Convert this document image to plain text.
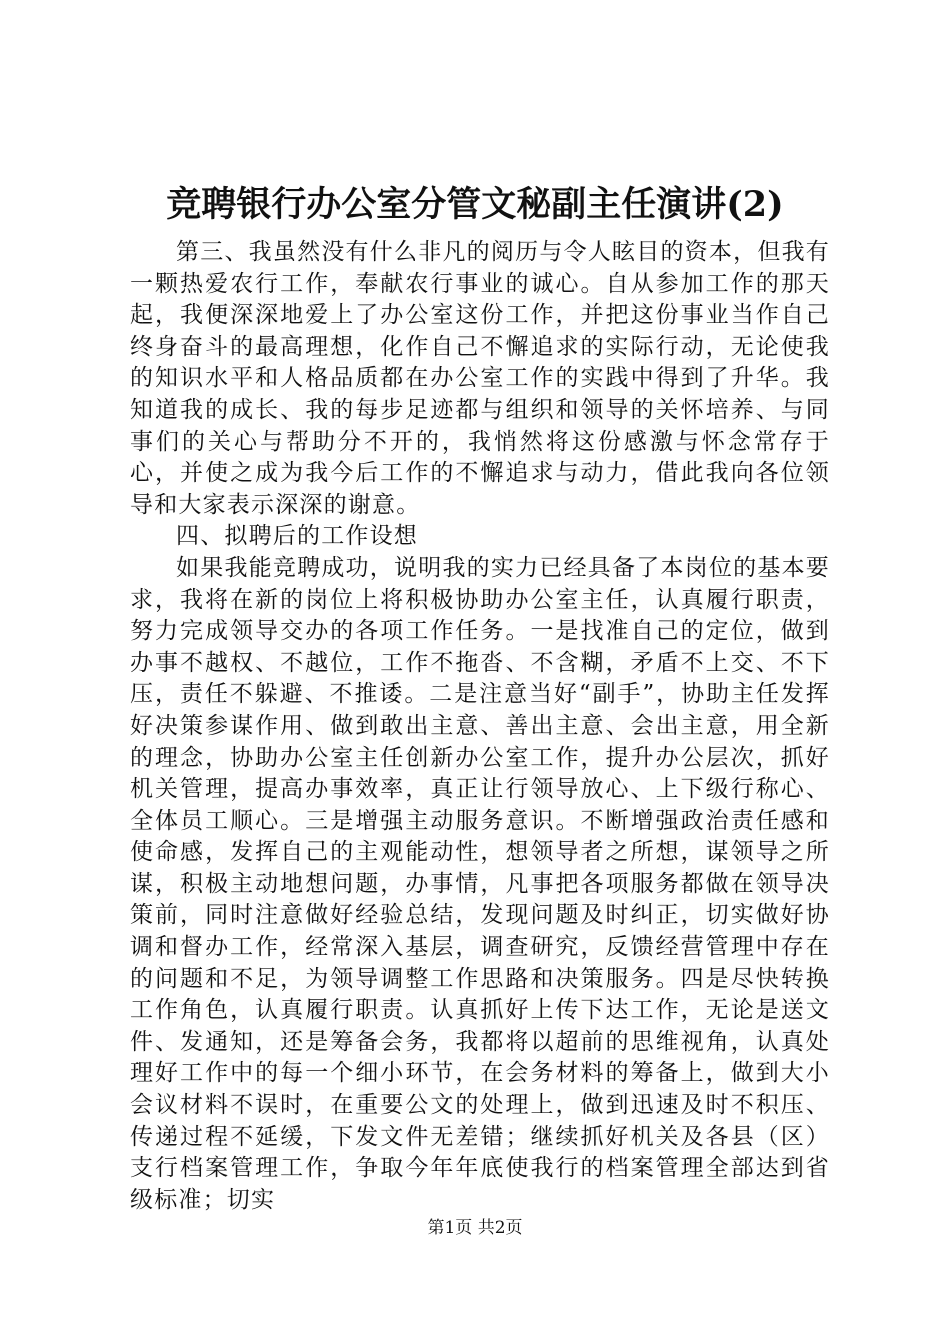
竞聘银行办公室分管文秘副主任演讲(2)

第三、我虽然没有什么非凡的阅历与令人眩目的资本，但我有一颗热爱农行工作，奉献农行事业的诚心。自从参加工作的那天起，我便深深地爱上了办公室这份工作，并把这份事业当作自己终身奋斗的最高理想，化作自己不懈追求的实际行动，无论使我的知识水平和人格品质都在办公室工作的实践中得到了升华。我知道我的成长、我的每步足迹都与组织和领导的关怀培养、与同事们的关心与帮助分不开的，我悄然将这份感激与怀念常存于心，并使之成为我今后工作的不懈追求与动力，借此我向各位领导和大家表示深深的谢意。

四、拟聘后的工作设想

如果我能竞聘成功，说明我的实力已经具备了本岗位的基本要求，我将在新的岗位上将积极协助办公室主任，认真履行职责，努力完成领导交办的各项工作任务。一是找准自己的定位，做到办事不越权、不越位，工作不拖沓、不含糊，矛盾不上交、不下压，责任不躲避、不推诿。二是注意当好“副手”，协助主任发挥好决策参谋作用、做到敢出主意、善出主意、会出主意，用全新的理念，协助办公室主任创新办公室工作，提升办公层次，抓好机关管理，提高办事效率，真正让行领导放心、上下级行称心、全体员工顺心。三是增强主动服务意识。不断增强政治责任感和使命感，发挥自己的主观能动性，想领导者之所想，谋领导之所谋，积极主动地想问题，办事情，凡事把各项服务都做在领导决策前，同时注意做好经验总结，发现问题及时纠正，切实做好协调和督办工作，经常深入基层，调查研究，反馈经营管理中存在的问题和不足，为领导调整工作思路和决策服务。四是尽快转换工作角色，认真履行职责。认真抓好上传下达工作，无论是送文件、发通知，还是筹备会务，我都将以超前的思维视角，认真处理好工作中的每一个细小环节，在会务材料的筹备上，做到大小会议材料不误时，在重要公文的处理上，做到迅速及时不积压、传递过程不延缓，下发文件无差错；继续抓好机关及各县（区）支行档案管理工作，争取今年年底使我行的档案管理全部达到省级标准；切实

第1页 共2页
